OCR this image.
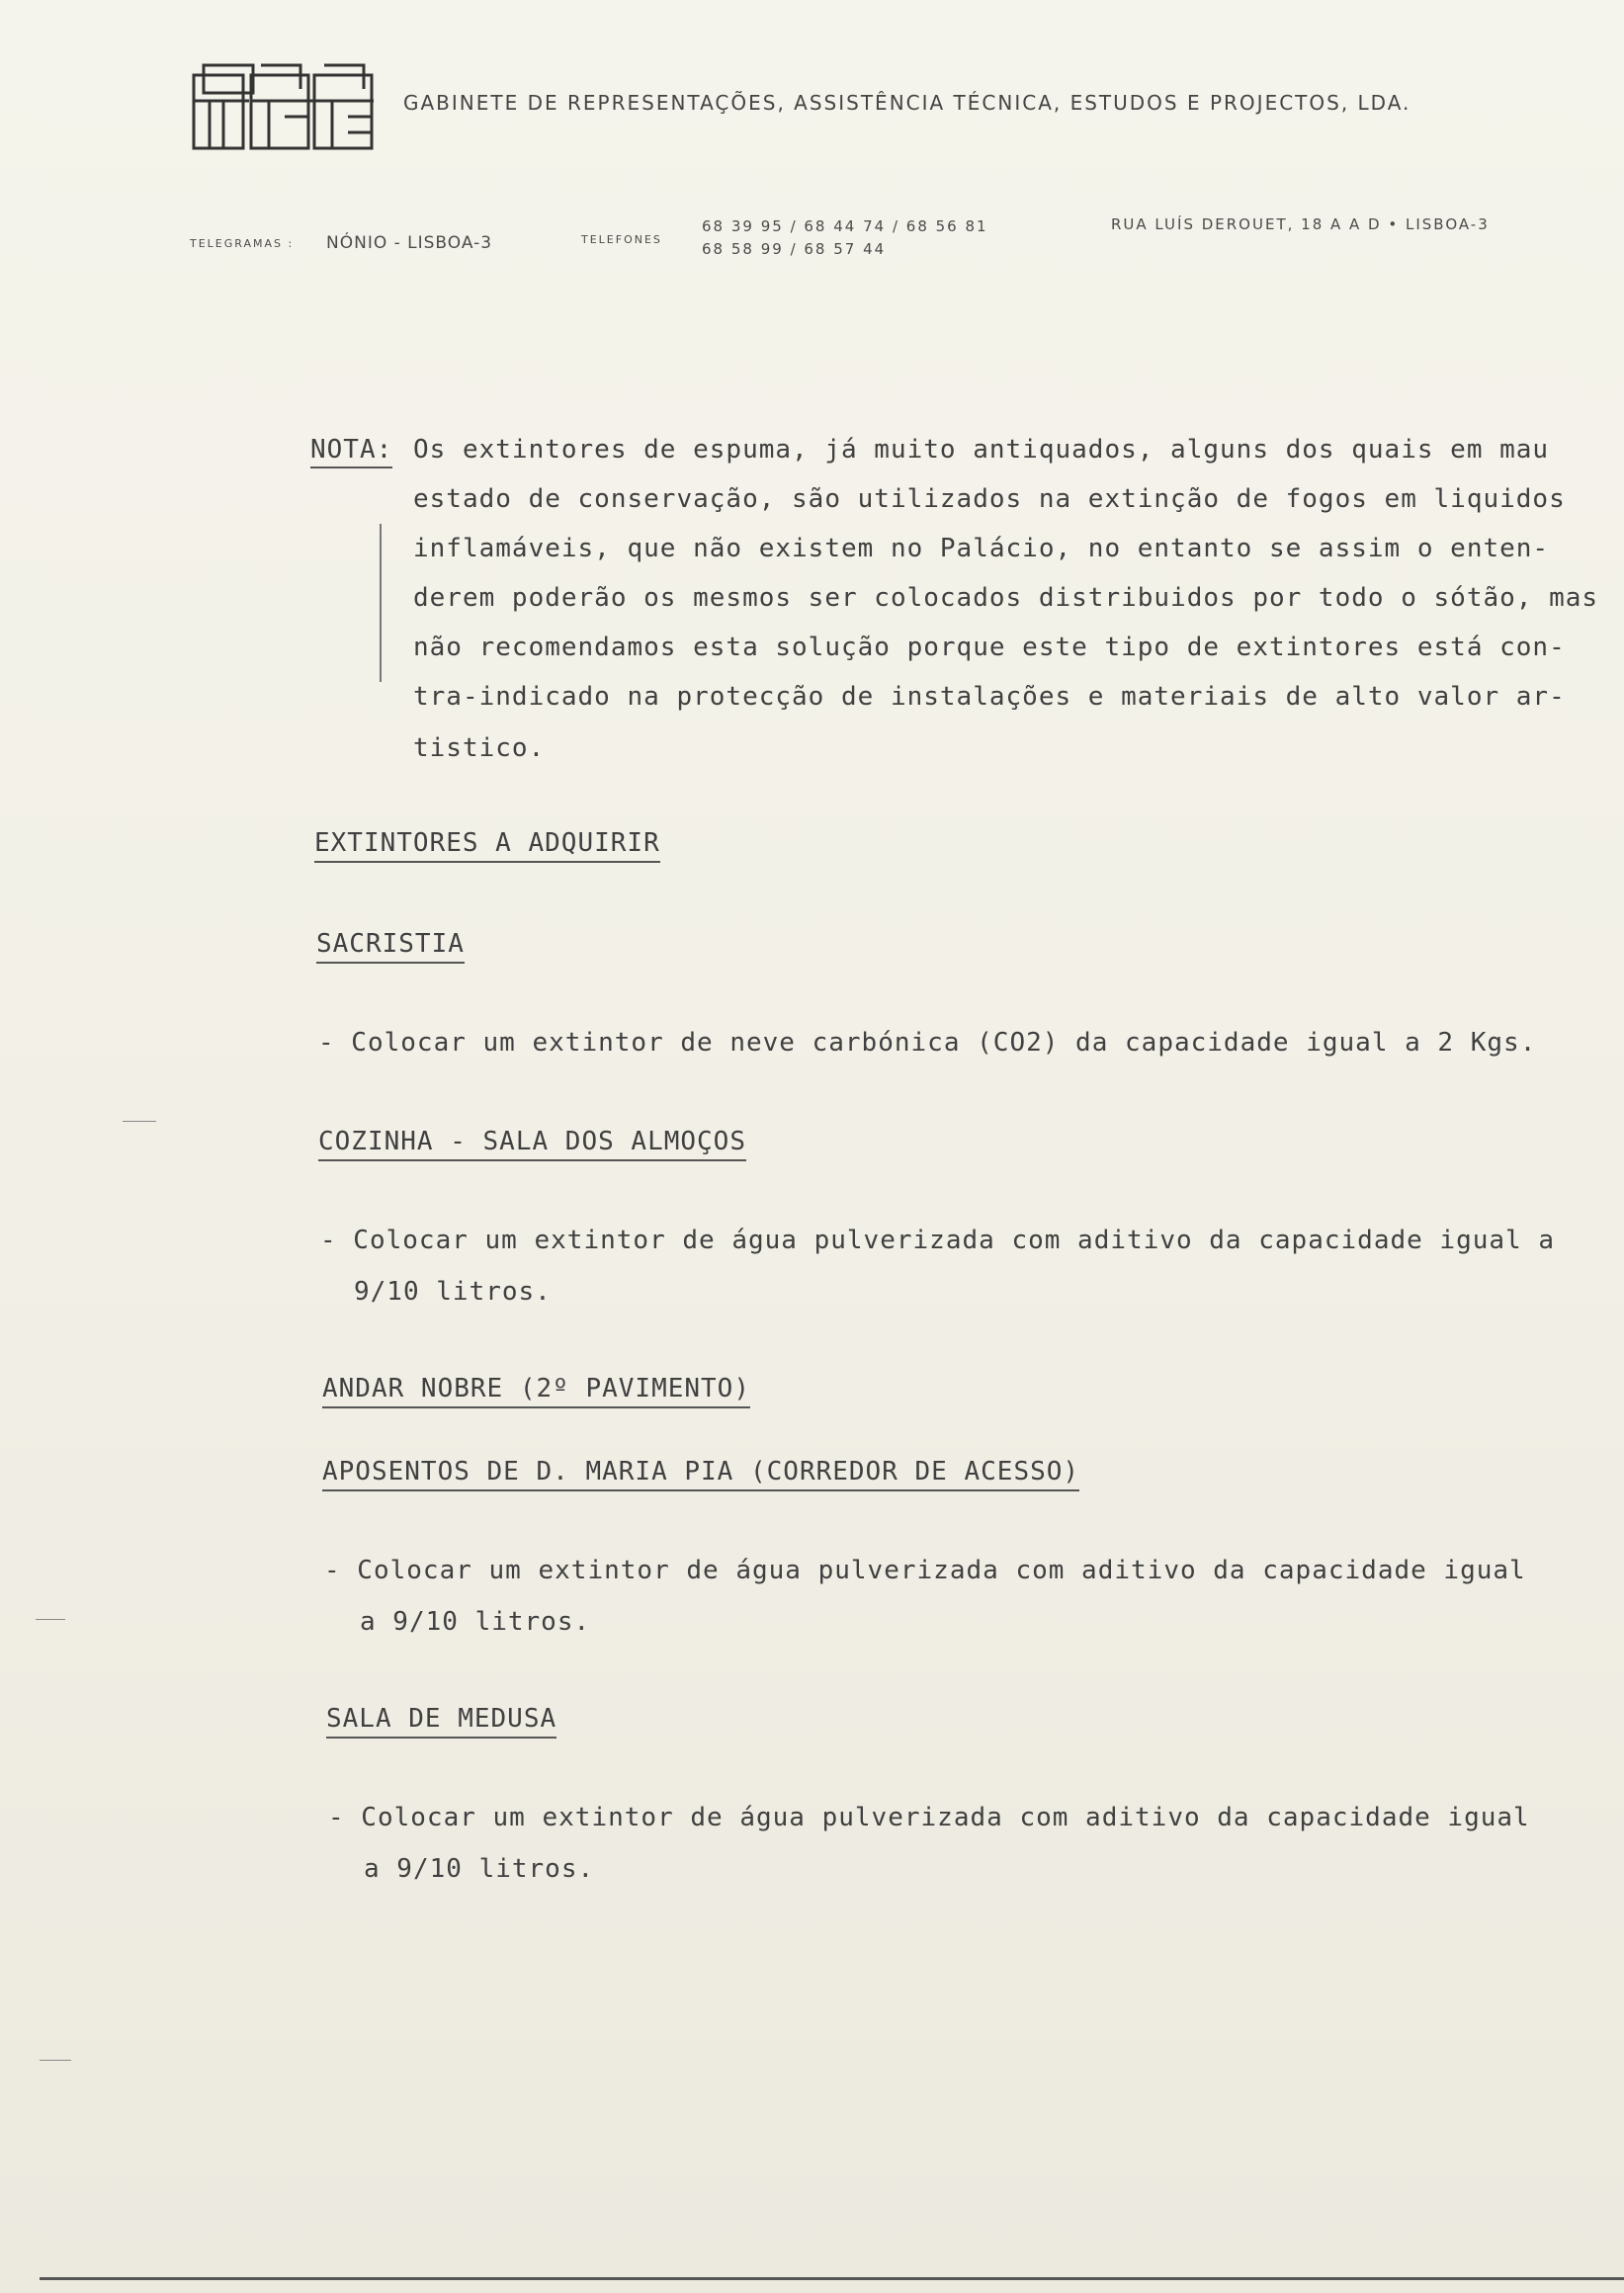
GABINETE DE REPRESENTAÇÕES, ASSISTÊNCIA TÉCNICA, ESTUDOS E PROJECTOS, LDA.
TELEGRAMAS : NÓNIO - LISBOA-3	TELEFONES
68 39 95 / 68 44 74 / 68 56 81
68 58 99 / 68 57 44
RUA LUÍS DEROUET, 18 A A D • LISBOA-3
NOTA: Os extintores de espuma, já muito antiquados, alguns dos quais em mau
estado de conservação, são utilizados na extinção de fogos em liquidos
inflamáveis, que não existem no Palácio, no entanto se assim o enten-
derem poderão os mesmos ser colocados distribuidos por todo o sótão, mas
não recomendamos esta solução porque este tipo de extintores está con-
tra-indicado na protecção de instalações e materiais de alto valor ar-
tistico.
EXTINTORES A ADQUIRIR
SACRISTIA
- Colocar um extintor de neve carbónica (CO2) da capacidade igual a 2 Kgs.
COZINHA - SALA DOS ALMOÇOS
- Colocar um extintor de água pulverizada com aditivo da capacidade igual a
9/10 litros.
ANDAR NOBRE (2º PAVIMENTO)
APOSENTOS DE D. MARIA PIA (CORREDOR DE ACESSO)
- Colocar um extintor de água pulverizada com aditivo da capacidade igual
a 9/10 litros.
SALA DE MEDUSA
- Colocar um extintor de água pulverizada com aditivo da capacidade igual
a 9/10 litros.
